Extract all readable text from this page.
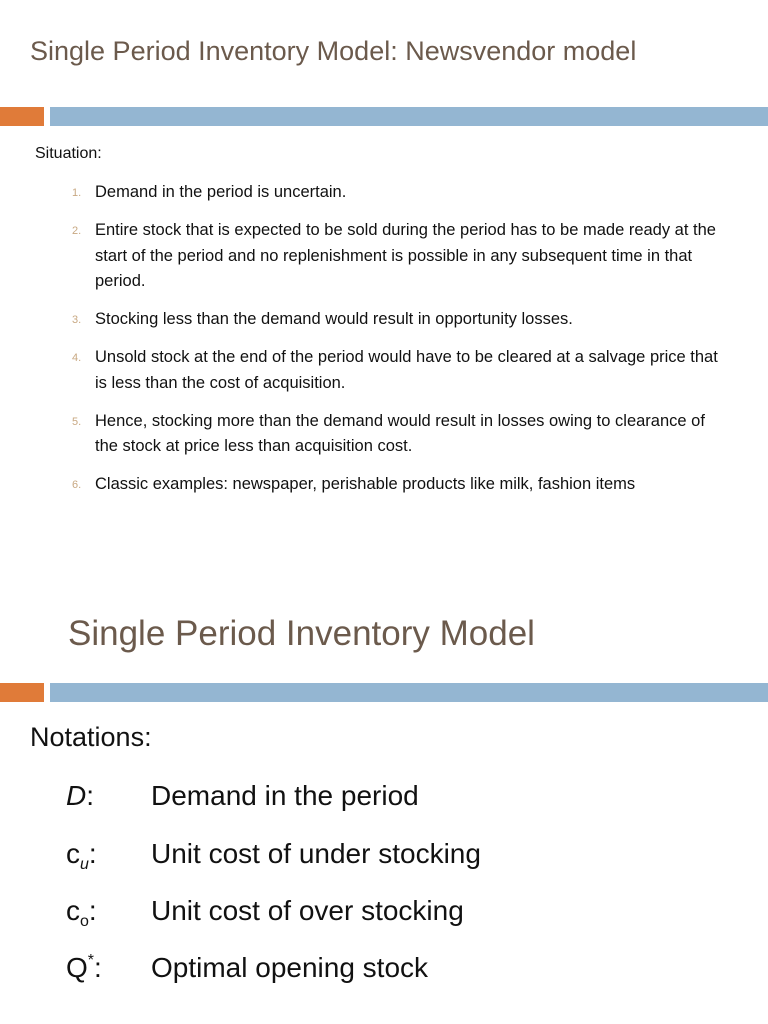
Single Period Inventory Model: Newsvendor model

Situation:

1. Demand in the period is uncertain.
2. Entire stock that is expected to be sold during the period has to be made ready at the start of the period and no replenishment is possible in any subsequent time in that period.
3. Stocking less than the demand would result in opportunity losses.
4. Unsold stock at the end of the period would have to be cleared at a salvage price that is less than the cost of acquisition.
5. Hence, stocking more than the demand would result in losses owing to clearance of the stock at price less than acquisition cost.
6. Classic examples: newspaper, perishable products like milk, fashion items
Single Period Inventory Model

Notations:

D: Demand in the period
$c_u$: Unit cost of under stocking
$c_o$: Unit cost of over stocking
Q*: Optimal opening stock
